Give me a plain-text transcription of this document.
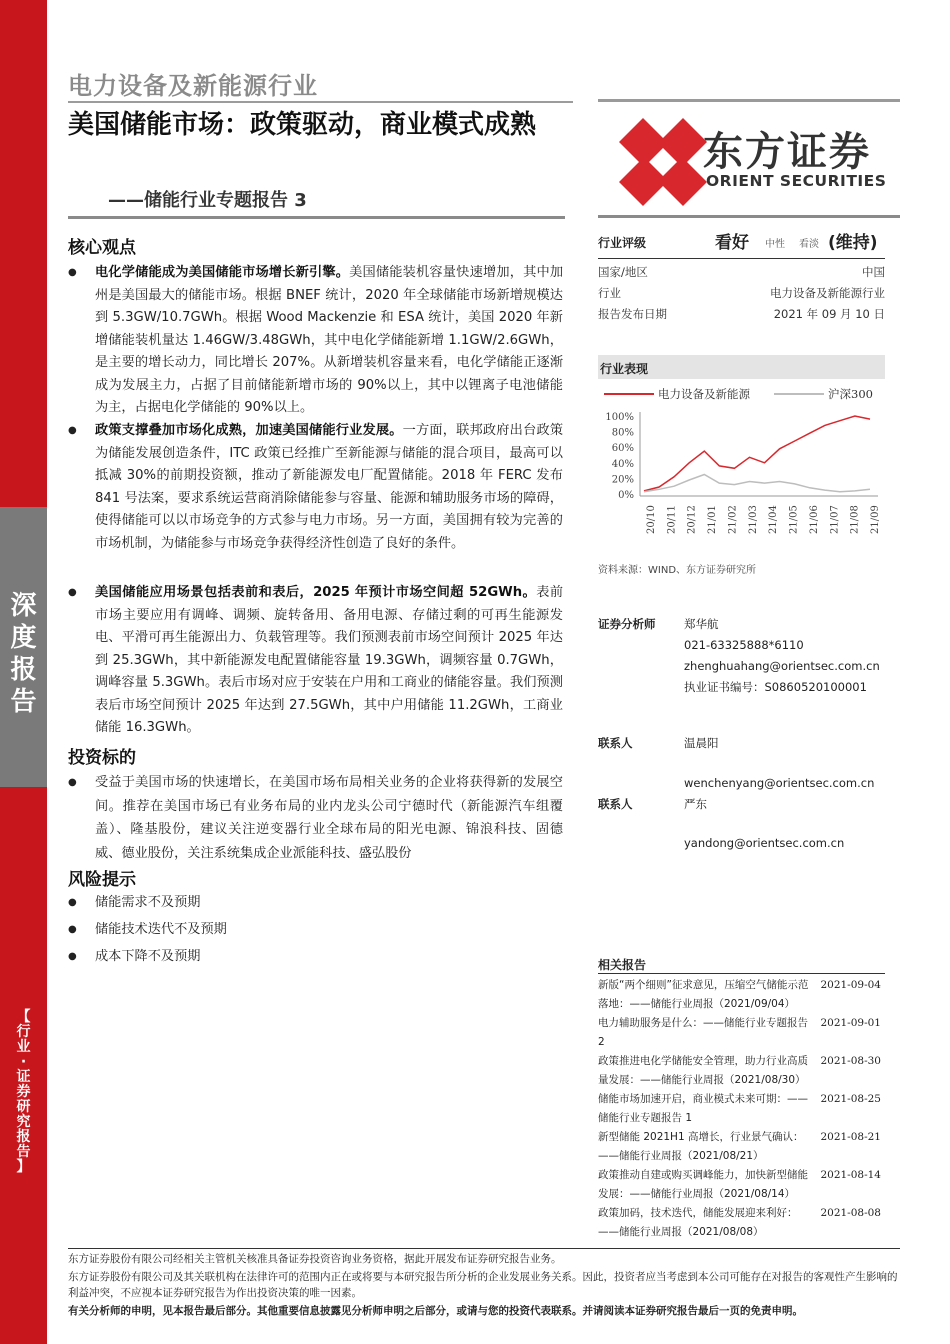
深
度
报
告
【
行
业
·
证
券
研
究
报
告
】
电力设备及新能源行业
美国储能市场：政策驱动，商业模式成熟
——储能行业专题报告 3
核心观点
● 电化学储能成为美国储能市场增长新引擎。美国储能装机容量快速增加，其中加州是美国最大的储能市场。根据 BNEF 统计，2020 年全球储能市场新增规模达到 5.3GW/10.7GWh。根据 Wood Mackenzie 和 ESA 统计，美国 2020 年新增储能装机量达 1.46GW/3.48GWh，其中电化学储能新增 1.1GW/2.6GWh，是主要的增长动力，同比增长 207%。从新增装机容量来看，电化学储能正逐渐成为发展主力，占据了目前储能新增市场的 90%以上，其中以锂离子电池储能为主，占据电化学储能的 90%以上。
● 政策支撑叠加市场化成熟，加速美国储能行业发展。一方面，联邦政府出台政策为储能发展创造条件，ITC 政策已经推广至新能源与储能的混合项目，最高可以抵减 30%的前期投资额，推动了新能源发电厂配置储能。2018 年 FERC 发布 841 号法案，要求系统运营商消除储能参与容量、能源和辅助服务市场的障碍，使得储能可以以市场竞争的方式参与电力市场。另一方面，美国拥有较为完善的市场机制，为储能参与市场竞争获得经济性创造了良好的条件。
● 美国储能应用场景包括表前和表后，2025 年预计市场空间超 52GWh。表前市场主要应用有调峰、调频、旋转备用、备用电源、存储过剩的可再生能源发电、平滑可再生能源出力、负载管理等。我们预测表前市场空间预计 2025 年达到 25.3GWh，其中新能源发电配置储能容量 19.3GWh，调频容量 0.7GWh，调峰容量 5.3GWh。表后市场对应于安装在户用和工商业的储能容量。我们预测表后市场空间预计 2025 年达到 27.5GWh，其中户用储能 11.2GWh，工商业储能 16.3GWh。
投资标的
● 受益于美国市场的快速增长，在美国市场布局相关业务的企业将获得新的发展空间。推荐在美国市场已有业务布局的业内龙头公司宁德时代（新能源汽车组覆盖）、隆基股份，建议关注逆变器行业全球布局的阳光电源、锦浪科技、固德威、德业股份，关注系统集成企业派能科技、盛弘股份
风险提示
● 储能需求不及预期
● 储能技术迭代不及预期
● 成本下降不及预期
东方证券
ORIENT SECURITIES
行业评级	看好 中性 看淡 (维持)
国家/地区	中国
行业	电力设备及新能源行业
报告发布日期	2021 年 09 月 10 日
行业表现
电力设备及新能源	沪深300
0%
20%
40%
60%
80%
100%
20/10 20/11 20/12 21/01 21/02 21/03 21/04 21/05 21/06 21/07 21/08 21/09
资料来源：WIND、东方证券研究所
证券分析师 郑华航
021-63325888*6110
zhenghuahang@orientsec.com.cn
执业证书编号：S0860520100001
联系人	温晨阳
wenchenyang@orientsec.com.cn
联系人	严东
yandong@orientsec.com.cn
相关报告
新版“两个细则”征求意见，压缩空气储能示范落地：——储能行业周报（2021/09/04）
2021-09-04
电力辅助服务是什么：——储能行业专题报告 2
2021-09-01
政策推进电化学储能安全管理，助力行业高质量发展：——储能行业周报（2021/08/30）
2021-08-30
储能市场加速开启，商业模式未来可期：——储能行业专题报告 1
2021-08-25
新型储能 2021H1 高增长，行业景气确认：——储能行业周报（2021/08/21）
2021-08-21
政策推动自建或购买调峰能力，加快新型储能发展：——储能行业周报（2021/08/14）
2021-08-14
政策加码，技术迭代，储能发展迎来利好：——储能行业周报（2021/08/08）
2021-08-08
东方证券股份有限公司经相关主管机关核准具备证券投资咨询业务资格，据此开展发布证券研究报告业务。
东方证券股份有限公司及其关联机构在法律许可的范围内正在或将要与本研究报告所分析的企业发展业务关系。因此，投资者应当考虑到本公司可能存在对报告的客观性产生影响的利益冲突，不应视本证券研究报告为作出投资决策的唯一因素。
有关分析师的申明，见本报告最后部分。其他重要信息披露见分析师申明之后部分，或请与您的投资代表联系。并请阅读本证券研究报告最后一页的免责申明。
